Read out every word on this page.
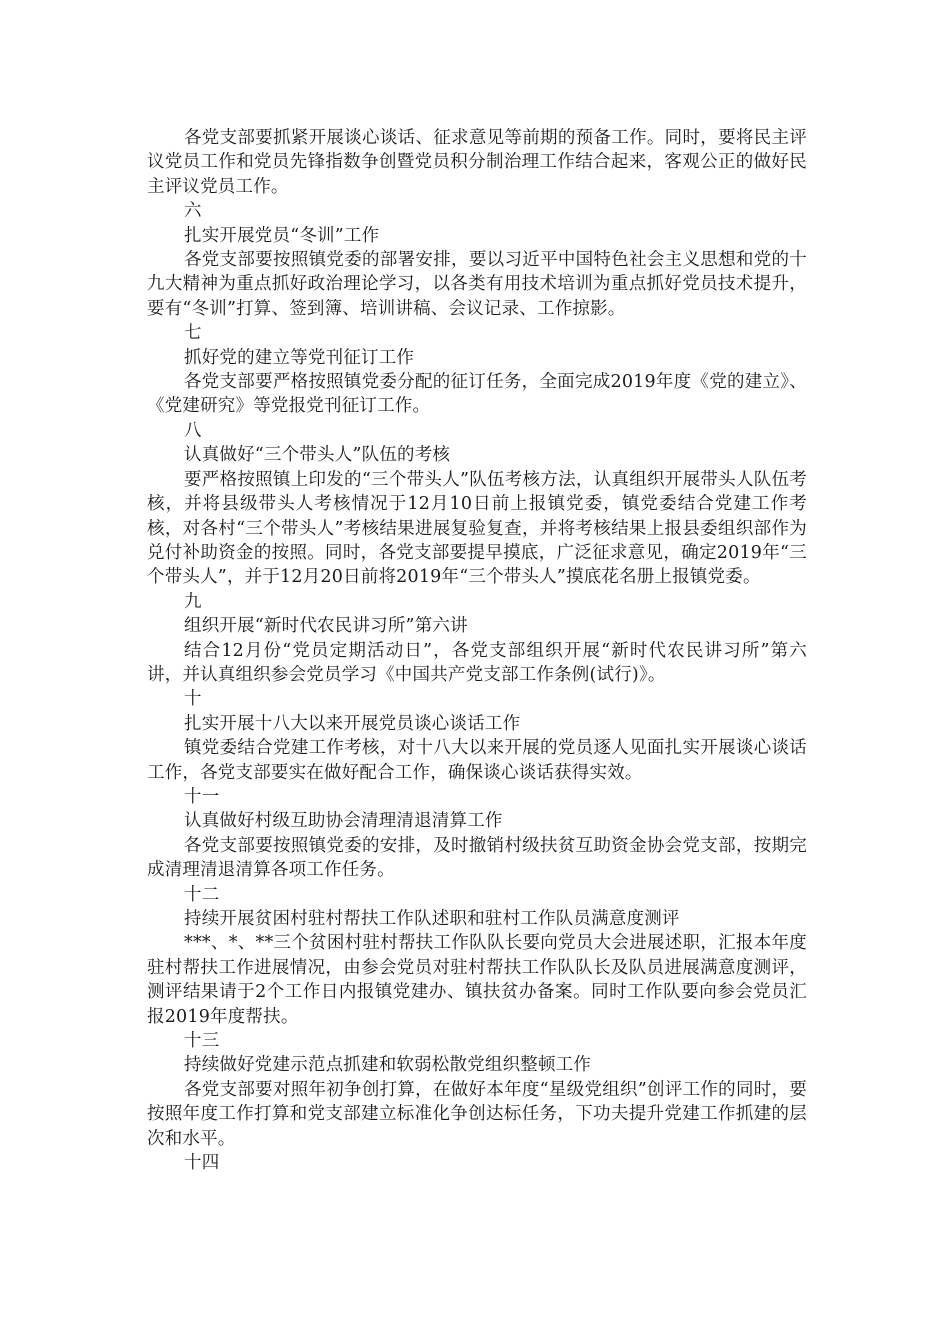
各党支部要抓紧开展谈心谈话、征求意见等前期的预备工作。同时，要将民主评议党员工作和党员先锋指数争创暨党员积分制治理工作结合起来，客观公正的做好民主评议党员工作。

六

扎实开展党员“冬训”工作

各党支部要按照镇党委的部署安排，要以习近平中国特色社会主义思想和党的十九大精神为重点抓好政治理论学习，以各类有用技术培训为重点抓好党员技术提升，要有“冬训”打算、签到簿、培训讲稿、会议记录、工作掠影。

七

抓好党的建立等党刊征订工作

各党支部要严格按照镇党委分配的征订任务，全面完成2019年度《党的建立》、《党建研究》等党报党刊征订工作。

八

认真做好“三个带头人”队伍的考核

要严格按照镇上印发的“三个带头人”队伍考核方法，认真组织开展带头人队伍考核，并将县级带头人考核情况于12月10日前上报镇党委，镇党委结合党建工作考核，对各村“三个带头人”考核结果进展复验复查，并将考核结果上报县委组织部作为兑付补助资金的按照。同时，各党支部要提早摸底，广泛征求意见，确定2019年“三个带头人”，并于12月20日前将2019年“三个带头人”摸底花名册上报镇党委。

九

组织开展“新时代农民讲习所”第六讲

结合12月份“党员定期活动日”，各党支部组织开展“新时代农民讲习所”第六讲，并认真组织参会党员学习《中国共产党支部工作条例(试行)》。

十

扎实开展十八大以来开展党员谈心谈话工作

镇党委结合党建工作考核，对十八大以来开展的党员逐人见面扎实开展谈心谈话工作，各党支部要实在做好配合工作，确保谈心谈话获得实效。

十一

认真做好村级互助协会清理清退清算工作

各党支部要按照镇党委的安排，及时撤销村级扶贫互助资金协会党支部，按期完成清理清退清算各项工作任务。

十二

持续开展贫困村驻村帮扶工作队述职和驻村工作队员满意度测评

***、*、**三个贫困村驻村帮扶工作队队长要向党员大会进展述职，汇报本年度驻村帮扶工作进展情况，由参会党员对驻村帮扶工作队队长及队员进展满意度测评，测评结果请于2个工作日内报镇党建办、镇扶贫办备案。同时工作队要向参会党员汇报2019年度帮扶。

十三

持续做好党建示范点抓建和软弱松散党组织整顿工作

各党支部要对照年初争创打算，在做好本年度“星级党组织”创评工作的同时，要按照年度工作打算和党支部建立标准化争创达标任务，下功夫提升党建工作抓建的层次和水平。

十四
